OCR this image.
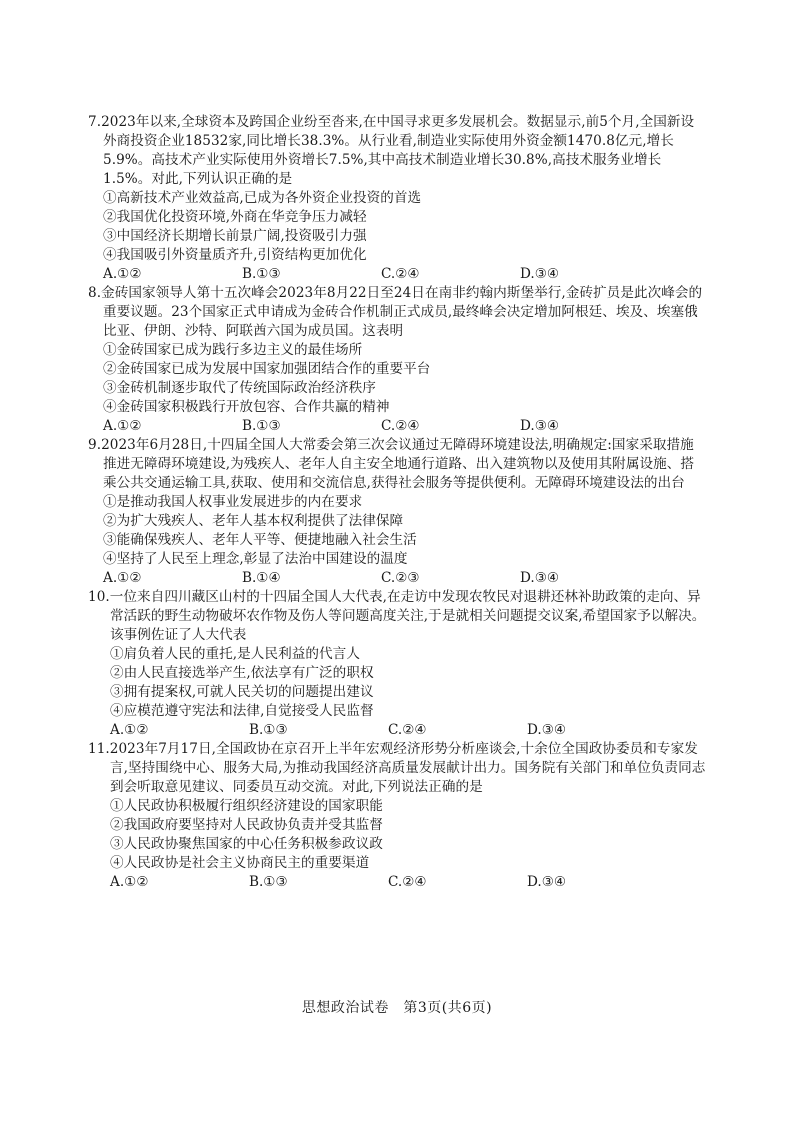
7.2023年以来,全球资本及跨国企业纷至沓来,在中国寻求更多发展机会。数据显示,前5个月,全国新设外商投资企业18532家,同比增长38.3%。从行业看,制造业实际使用外资金额1470.8亿元,增长5.9%。高技术产业实际使用外资增长7.5%,其中高技术制造业增长30.8%,高技术服务业增长1.5%。对此,下列认识正确的是
①高新技术产业效益高,已成为各外资企业投资的首选
②我国优化投资环境,外商在华竞争压力减轻
③中国经济长期增长前景广阔,投资吸引力强
④我国吸引外资量质齐升,引资结构更加优化
A.①②	B.①③	C.②④	D.③④
8.金砖国家领导人第十五次峰会2023年8月22日至24日在南非约翰内斯堡举行,金砖扩员是此次峰会的重要议题。23个国家正式申请成为金砖合作机制正式成员,最终峰会决定增加阿根廷、埃及、埃塞俄比亚、伊朗、沙特、阿联酋六国为成员国。这表明
①金砖国家已成为践行多边主义的最佳场所
②金砖国家已成为发展中国家加强团结合作的重要平台
③金砖机制逐步取代了传统国际政治经济秩序
④金砖国家积极践行开放包容、合作共赢的精神
A.①②	B.①③	C.②④	D.③④
9.2023年6月28日,十四届全国人大常委会第三次会议通过无障碍环境建设法,明确规定:国家采取措施推进无障碍环境建设,为残疾人、老年人自主安全地通行道路、出入建筑物以及使用其附属设施、搭乘公共交通运输工具,获取、使用和交流信息,获得社会服务等提供便利。无障碍环境建设法的出台
①是推动我国人权事业发展进步的内在要求
②为扩大残疾人、老年人基本权利提供了法律保障
③能确保残疾人、老年人平等、便捷地融入社会生活
④坚持了人民至上理念,彰显了法治中国建设的温度
A.①②	B.①④	C.②③	D.③④
10.一位来自四川藏区山村的十四届全国人大代表,在走访中发现农牧民对退耕还林补助政策的走向、异常活跃的野生动物破坏农作物及伤人等问题高度关注,于是就相关问题提交议案,希望国家予以解决。该事例佐证了人大代表
①肩负着人民的重托,是人民利益的代言人
②由人民直接选举产生,依法享有广泛的职权
③拥有提案权,可就人民关切的问题提出建议
④应模范遵守宪法和法律,自觉接受人民监督
A.①②	B.①③	C.②④	D.③④
11.2023年7月17日,全国政协在京召开上半年宏观经济形势分析座谈会,十余位全国政协委员和专家发言,坚持围绕中心、服务大局,为推动我国经济高质量发展献计出力。国务院有关部门和单位负责同志到会听取意见建议、同委员互动交流。对此,下列说法正确的是
①人民政协积极履行组织经济建设的国家职能
②我国政府要坚持对人民政协负责并受其监督
③人民政协聚焦国家的中心任务积极参政议政
④人民政协是社会主义协商民主的重要渠道
A.①②	B.①③	C.②④	D.③④
思想政治试卷　第3页(共6页)
